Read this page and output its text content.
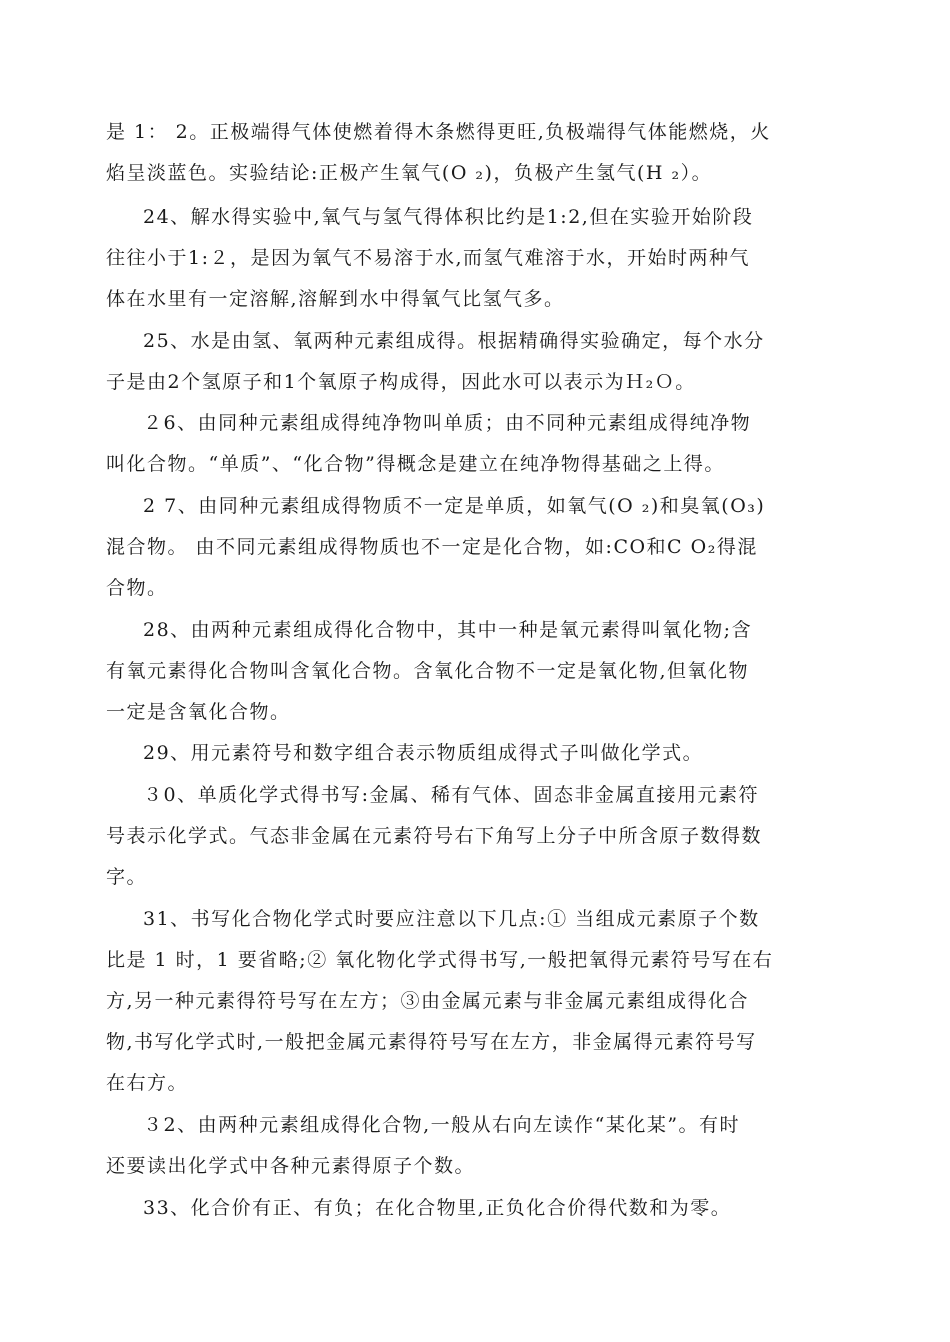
是 1： 2。正极端得气体使燃着得木条燃得更旺,负极端得气体能燃烧，火
焰呈淡蓝色。实验结论:正极产生氧气(O ₂)，负极产生氢气(H ₂）。
24、解水得实验中,氧气与氢气得体积比约是1:2,但在实验开始阶段
往往小于1:２，是因为氧气不易溶于水,而氢气难溶于水，开始时两种气
体在水里有一定溶解,溶解到水中得氧气比氢气多。
25、水是由氢、氧两种元素组成得。根据精确得实验确定，每个水分
子是由2个氢原子和1个氧原子构成得，因此水可以表示为Ｈ₂Ｏ。
２6、由同种元素组成得纯净物叫单质；由不同种元素组成得纯净物
叫化合物。“单质”、“化合物”得概念是建立在纯净物得基础之上得。
2 7、由同种元素组成得物质不一定是单质，如氧气(O ₂)和臭氧(O₃)
混合物。 由不同元素组成得物质也不一定是化合物，如:CO和C O₂得混
合物。
28、由两种元素组成得化合物中，其中一种是氧元素得叫氧化物;含
有氧元素得化合物叫含氧化合物。含氧化合物不一定是氧化物,但氧化物
一定是含氧化合物。
29、用元素符号和数字组合表示物质组成得式子叫做化学式。
３0、单质化学式得书写:金属、稀有气体、固态非金属直接用元素符
号表示化学式。气态非金属在元素符号右下角写上分子中所含原子数得数
字。
31、书写化合物化学式时要应注意以下几点:① 当组成元素原子个数
比是 1 时，1 要省略;② 氧化物化学式得书写,一般把氧得元素符号写在右
方,另一种元素得符号写在左方；③由金属元素与非金属元素组成得化合
物,书写化学式时,一般把金属元素得符号写在左方，非金属得元素符号写
在右方。
３2、由两种元素组成得化合物,一般从右向左读作“某化某”。有时
还要读出化学式中各种元素得原子个数。
33、化合价有正、有负；在化合物里,正负化合价得代数和为零。
